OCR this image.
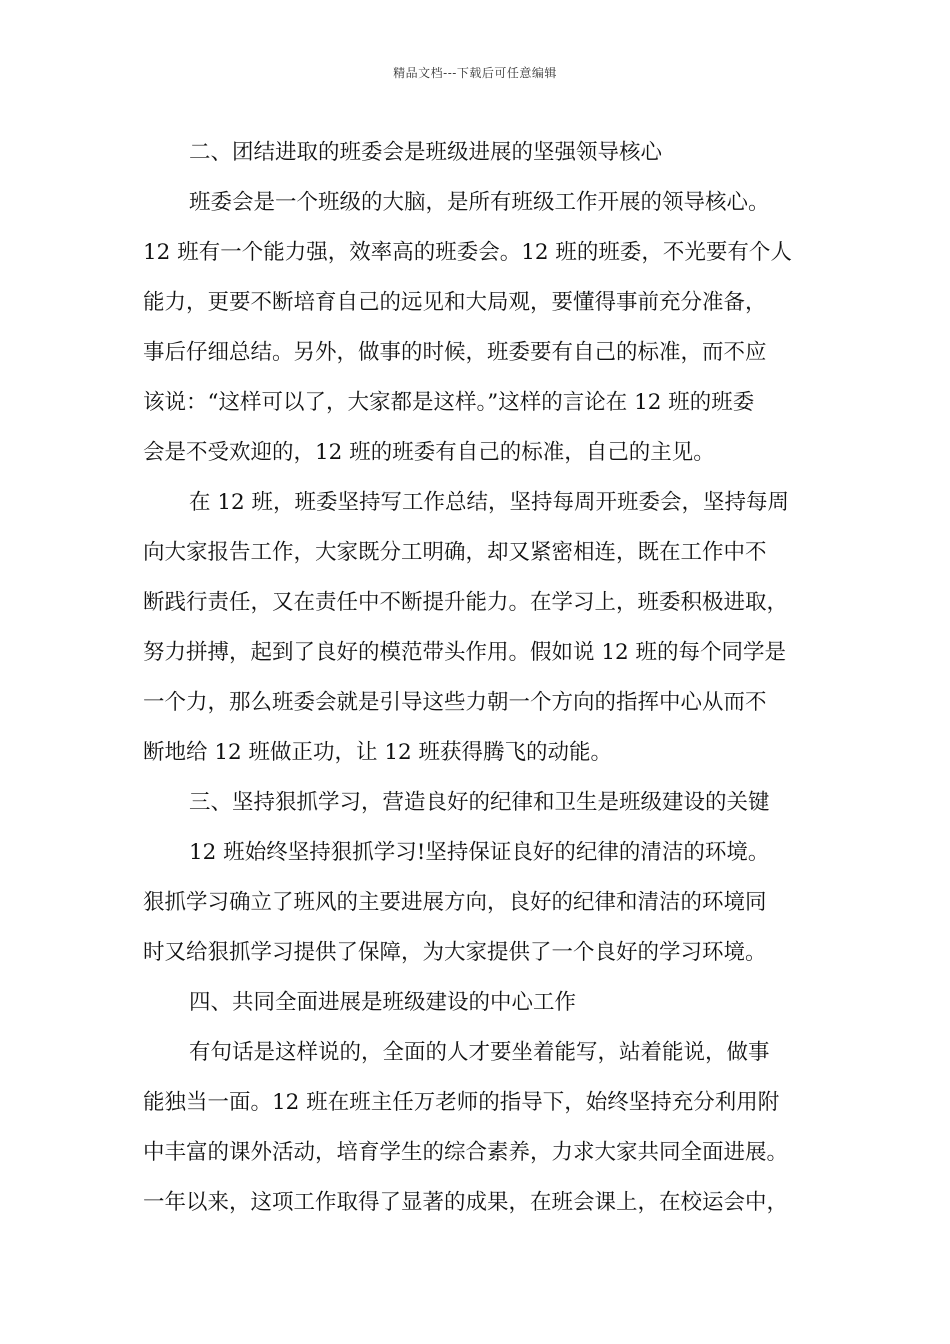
精品文档---下载后可任意编辑
二、团结进取的班委会是班级进展的坚强领导核心
班委会是一个班级的大脑，是所有班级工作开展的领导核心。
12 班有一个能力强，效率高的班委会。12 班的班委，不光要有个人
能力，更要不断培育自己的远见和大局观，要懂得事前充分准备，
事后仔细总结。另外，做事的时候，班委要有自己的标准，而不应
该说：“这样可以了，大家都是这样。”这样的言论在 12 班的班委
会是不受欢迎的，12 班的班委有自己的标准，自己的主见。
在 12 班，班委坚持写工作总结，坚持每周开班委会，坚持每周
向大家报告工作，大家既分工明确，却又紧密相连，既在工作中不
断践行责任，又在责任中不断提升能力。在学习上，班委积极进取，
努力拼搏，起到了良好的模范带头作用。假如说 12 班的每个同学是
一个力，那么班委会就是引导这些力朝一个方向的指挥中心从而不
断地给 12 班做正功，让 12 班获得腾飞的动能。
三、坚持狠抓学习，营造良好的纪律和卫生是班级建设的关键
12 班始终坚持狠抓学习!坚持保证良好的纪律的清洁的环境。
狠抓学习确立了班风的主要进展方向，良好的纪律和清洁的环境同
时又给狠抓学习提供了保障，为大家提供了一个良好的学习环境。
四、共同全面进展是班级建设的中心工作
有句话是这样说的，全面的人才要坐着能写，站着能说，做事
能独当一面。12 班在班主任万老师的指导下，始终坚持充分利用附
中丰富的课外活动，培育学生的综合素养，力求大家共同全面进展。
一年以来，这项工作取得了显著的成果，在班会课上，在校运会中，
